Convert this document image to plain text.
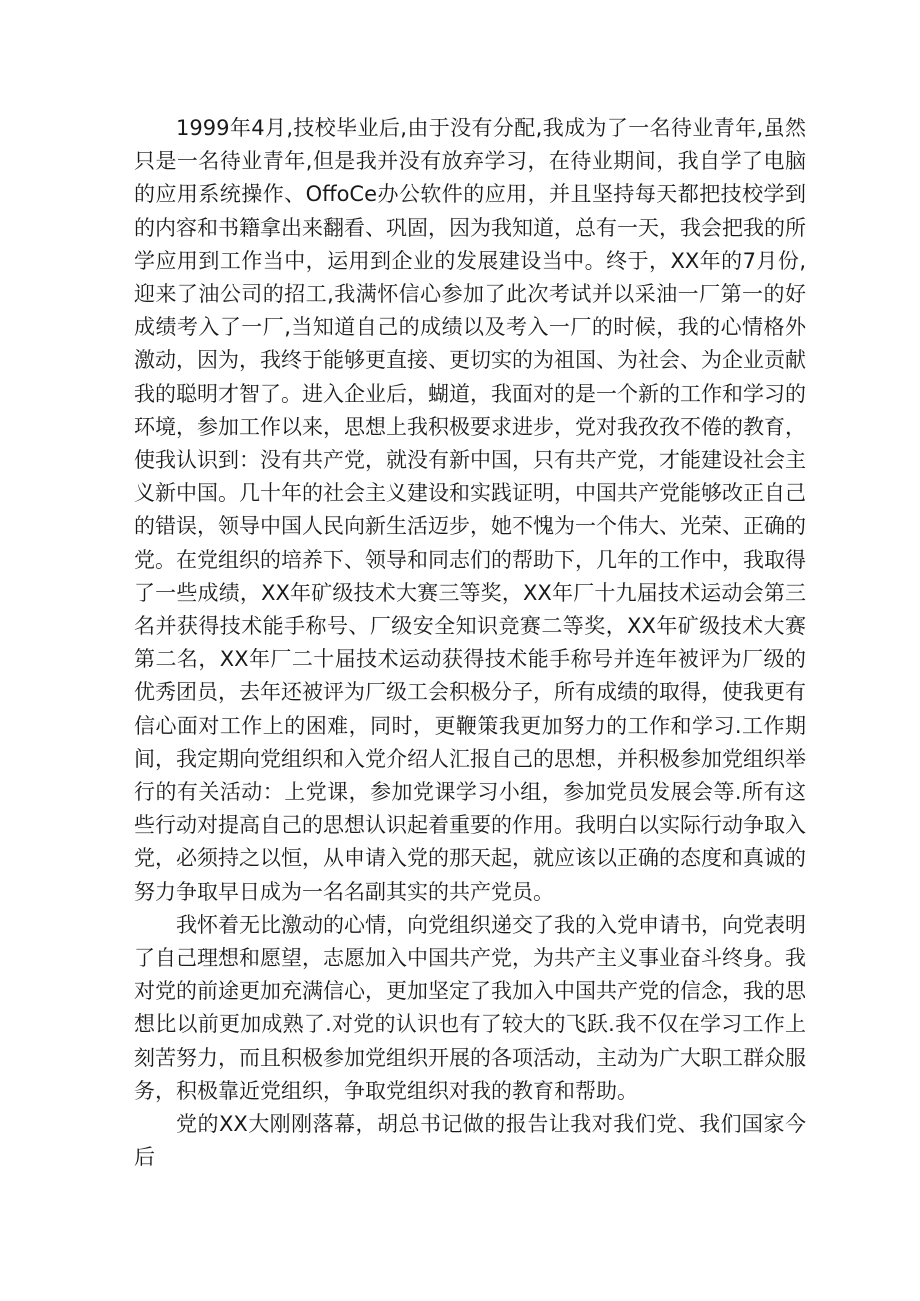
1999年4月,技校毕业后,由于没有分配,我成为了一名待业青年,虽然只是一名待业青年,但是我并没有放弃学习，在待业期间，我自学了电脑的应用系统操作、OffoCe办公软件的应用，并且坚持每天都把技校学到的内容和书籍拿出来翻看、巩固，因为我知道，总有一天，我会把我的所学应用到工作当中，运用到企业的发展建设当中。终于，XX年的7月份,迎来了油公司的招工,我满怀信心参加了此次考试并以采油一厂第一的好成绩考入了一厂,当知道自己的成绩以及考入一厂的时候，我的心情格外激动，因为，我终于能够更直接、更切实的为祖国、为社会、为企业贡献我的聪明才智了。进入企业后，蝴道，我面对的是一个新的工作和学习的环境，参加工作以来，思想上我积极要求进步，党对我孜孜不倦的教育，使我认识到：没有共产党，就没有新中国，只有共产党，才能建设社会主义新中国。几十年的社会主义建设和实践证明，中国共产党能够改正自己的错误，领导中国人民向新生活迈步，她不愧为一个伟大、光荣、正确的党。在党组织的培养下、领导和同志们的帮助下，几年的工作中，我取得了一些成绩，XX年矿级技术大赛三等奖，XX年厂十九届技术运动会第三名并获得技术能手称号、厂级安全知识竞赛二等奖，XX年矿级技术大赛第二名，XX年厂二十届技术运动获得技术能手称号并连年被评为厂级的优秀团员，去年还被评为厂级工会积极分子，所有成绩的取得，使我更有信心面对工作上的困难，同时，更鞭策我更加努力的工作和学习.工作期间，我定期向党组织和入党介绍人汇报自己的思想，并积极参加党组织举行的有关活动：上党课，参加党课学习小组，参加党员发展会等.所有这些行动对提高自己的思想认识起着重要的作用。我明白以实际行动争取入党，必须持之以恒，从申请入党的那天起，就应该以正确的态度和真诚的努力争取早日成为一名名副其实的共产党员。

我怀着无比激动的心情，向党组织递交了我的入党申请书，向党表明了自己理想和愿望，志愿加入中国共产党，为共产主义事业奋斗终身。我对党的前途更加充满信心，更加坚定了我加入中国共产党的信念，我的思想比以前更加成熟了.对党的认识也有了较大的飞跃.我不仅在学习工作上刻苦努力，而且积极参加党组织开展的各项活动，主动为广大职工群众服务，积极靠近党组织，争取党组织对我的教育和帮助。

党的XX大刚刚落幕，胡总书记做的报告让我对我们党、我们国家今后
